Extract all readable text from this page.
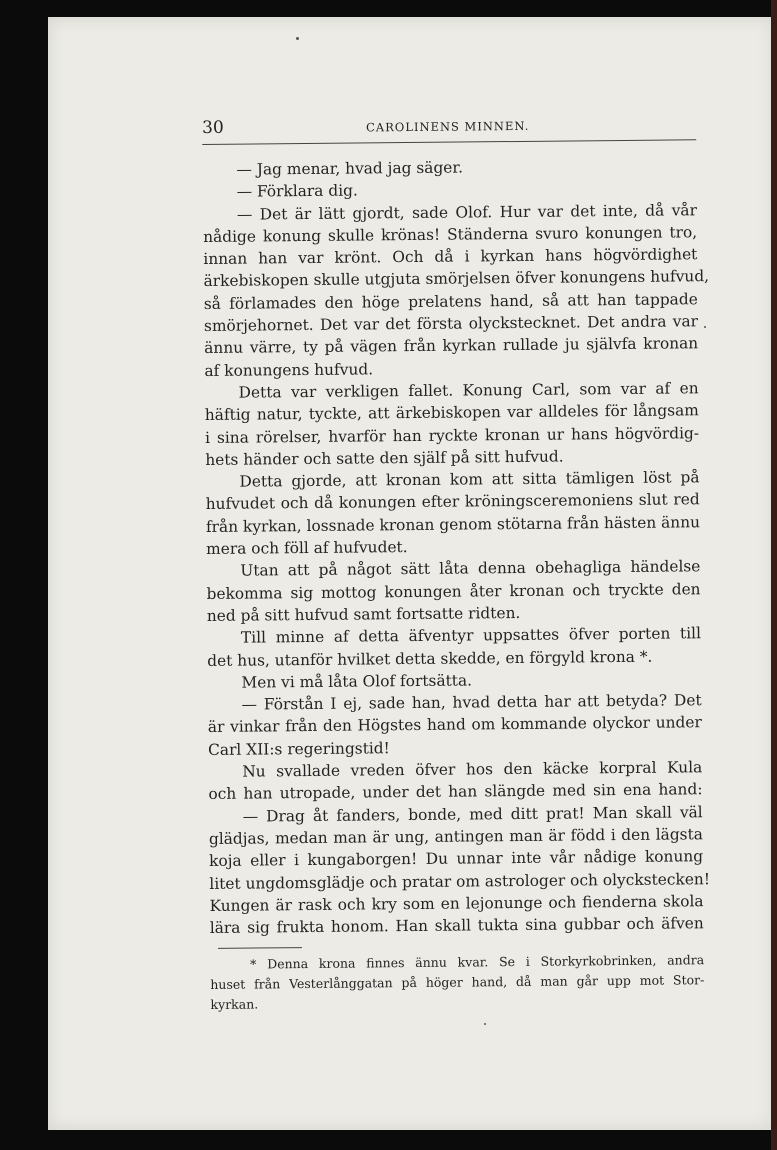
30	CAROLINENS MINNEN.
— Jag menar, hvad jag säger.
— Förklara dig.
— Det är lätt gjordt, sade Olof. Hur var det inte, då vår
nådige konung skulle krönas! Ständerna svuro konungen tro,
innan han var krönt. Och då i kyrkan hans högvördighet
ärkebiskopen skulle utgjuta smörjelsen öfver konungens hufvud,
så förlamades den höge prelatens hand, så att han tappade
smörjehornet. Det var det första olyckstecknet. Det andra var
ännu värre, ty på vägen från kyrkan rullade ju självfa kronan
af konungens hufvud.
Detta var verkligen fallet. Konung Carl, som var af en
häftig natur, tyckte, att ärkebiskopen var alldeles för långsam
i sina rörelser, hvarför han ryckte kronan ur hans högvördig-
hets händer och satte den själf på sitt hufvud.
Detta gjorde, att kronan kom att sitta tämligen löst på
hufvudet och då konungen efter kröningsceremoniens slut red
från kyrkan, lossnade kronan genom stötarna från hästen ännu
mera och föll af hufvudet.
Utan att på något sätt låta denna obehagliga händelse
bekomma sig mottog konungen åter kronan och tryckte den
ned på sitt hufvud samt fortsatte ridten.
Till minne af detta äfventyr uppsattes öfver porten till
det hus, utanför hvilket detta skedde, en förgyld krona *.
Men vi må låta Olof fortsätta.
— Förstån I ej, sade han, hvad detta har att betyda? Det
är vinkar från den Högstes hand om kommande olyckor under
Carl XII:s regeringstid!
Nu svallade vreden öfver hos den käcke korpral Kula
och han utropade, under det han slängde med sin ena hand:
— Drag åt fanders, bonde, med ditt prat! Man skall väl
glädjas, medan man är ung, antingen man är född i den lägsta
koja eller i kungaborgen! Du unnar inte vår nådige konung
litet ungdomsglädje och pratar om astrologer och olyckstecken!
Kungen är rask och kry som en lejonunge och fienderna skola
lära sig frukta honom. Han skall tukta sina gubbar och äfven
* Denna krona finnes ännu kvar. Se i Storkyrkobrinken, andra
huset från Vesterlånggatan på höger hand, då man går upp mot Stor-
kyrkan.
